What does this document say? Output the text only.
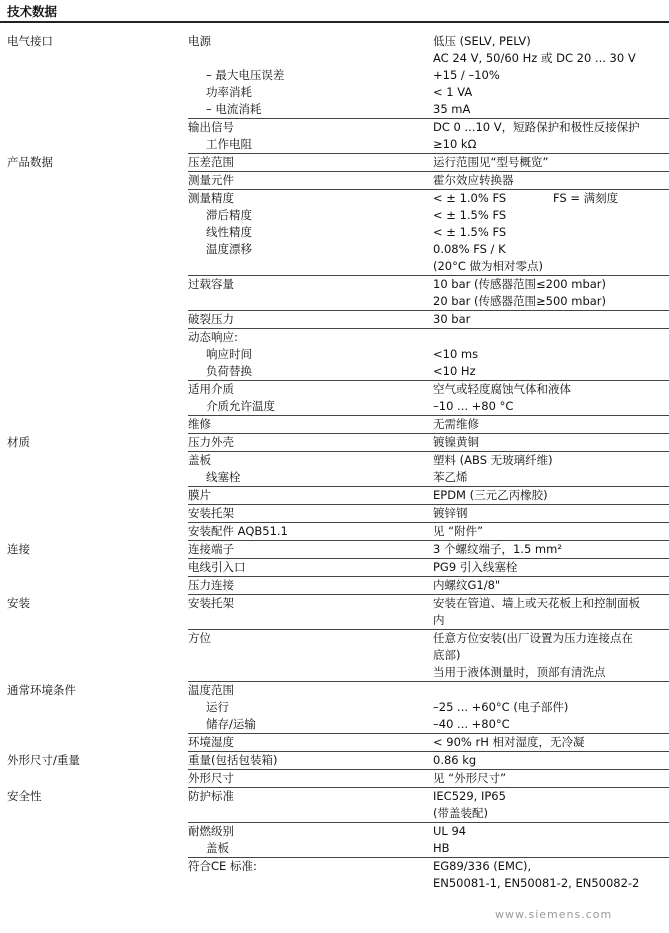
技术数据
电气接口	电源	低压 (SELV, PELV)
		AC 24 V, 50/60 Hz 或 DC 20 ... 30 V
	– 最大电压误差	+15 / –10%
	功率消耗	< 1 VA
	– 电流消耗	35 mA
	输出信号	DC 0 ...10 V，短路保护和极性反接保护

	工作电阻	≥10 kΩ
产品数据	压差范围	运行范围见“型号概览”
	测量元件	霍尔效应转换器
	测量精度	< ± 1.0% FS FS = 满刻度

	滞后精度	< ± 1.5% FS
	线性精度	< ± 1.5% FS
	温度漂移	0.08% FS / K
		(20°C 做为相对零点)
	过载容量	10 bar (传感器范围≤200 mbar)
		20 bar (传感器范围≥500 mbar)
	破裂压力	30 bar
	动态响应:	
	响应时间	<10 ms
	负荷替换	<10 Hz
	适用介质	空气或轻度腐蚀气体和液体

	介质允许温度	–10 ... +80 °C
	维修	无需维修
材质	压力外壳	镀镍黄铜
	盖板	塑料 (ABS 无玻璃纤维)
	线塞栓	苯乙烯
	膜片	EPDM (三元乙丙橡胶)
	安装托架	镀锌钢
	安装配件 AQB51.1	见 “附件”
连接	连接端子	3 个螺纹端子，1.5 mm²
	电线引入口	PG9 引入线塞栓
	压力连接	内螺纹G1/8"
安装	安装托架	安装在管道、墙上或天花板上和控制面板
		内
	方位	任意方位安装(出厂设置为压力连接点在
		底部)
		当用于液体测量时，顶部有清洗点
通常环境条件	温度范围	
	运行	–25 ... +60°C (电子部件)
	储存/运输	–40 ... +80°C
	环境湿度	< 90% rH 相对湿度，无冷凝
外形尺寸/重量	重量(包括包装箱)	0.86 kg
	外形尺寸	见 “外形尺寸”
安全性	防护标准	IEC529, IP65
		(带盖装配)
	耐燃级别	UL 94
	盖板	HB
	符合CE 标准:	EG89/336 (EMC),
		EN50081-1, EN50081-2, EN50082-2
www.siemens.com
